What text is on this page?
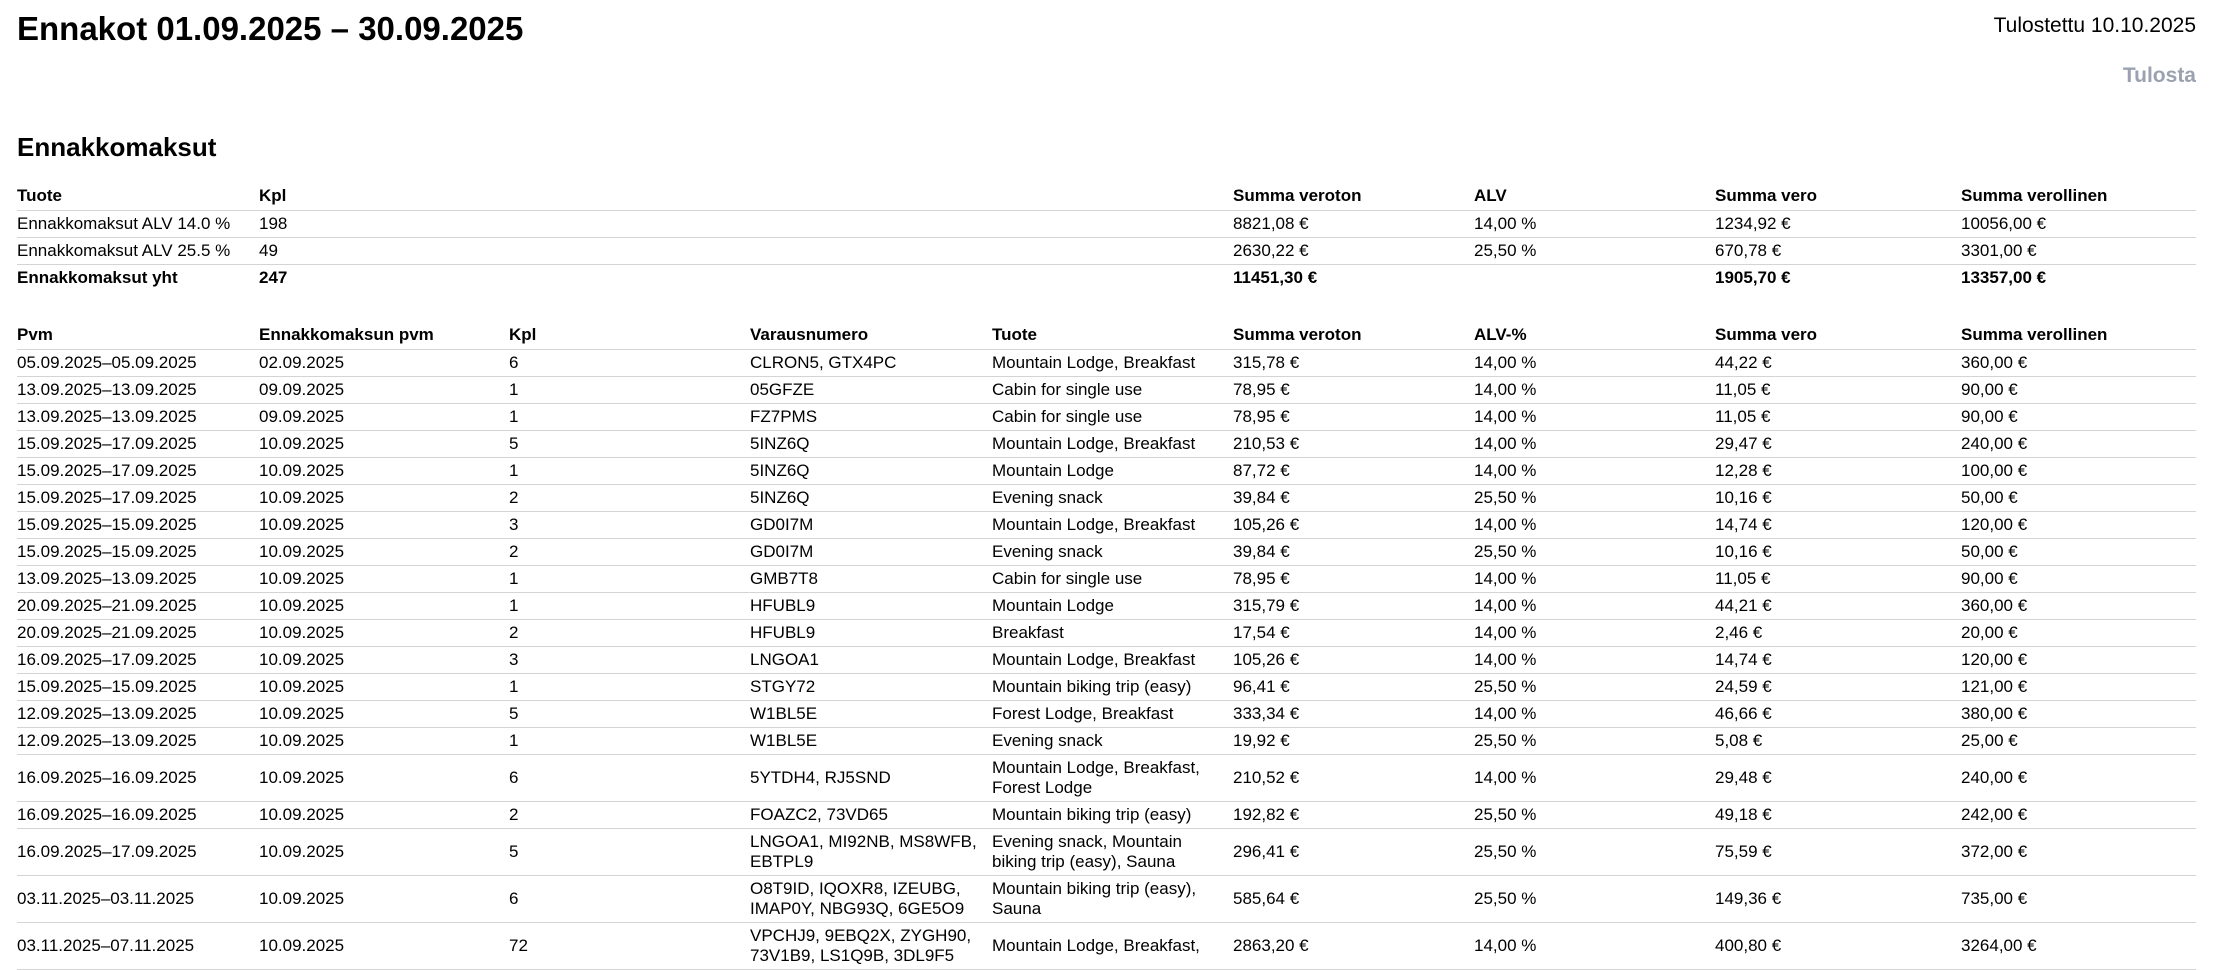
Ennakot 01.09.2025 – 30.09.2025	Tulostettu 10.10.2025
Tulosta
Ennakkomaksut
Tuote	Kpl	Summa veroton	ALV	Summa vero	Summa verollinen
Ennakkomaksut ALV 14.0 %	198	8821,08 €	14,00 %	1234,92 €	10056,00 €
Ennakkomaksut ALV 25.5 %	49	2630,22 €	25,50 %	670,78 €	3301,00 €
Ennakkomaksut yht	247	11451,30 €		1905,70 €	13357,00 €
Pvm	Ennakkomaksun pvm	Kpl	Varausnumero	Tuote	Summa veroton	ALV-%	Summa vero	Summa verollinen
05.09.2025–05.09.2025	02.09.2025	6	CLRON5, GTX4PC	Mountain Lodge, Breakfast	315,78 €	14,00 %	44,22 €	360,00 €
13.09.2025–13.09.2025	09.09.2025	1	05GFZE	Cabin for single use	78,95 €	14,00 %	11,05 €	90,00 €
13.09.2025–13.09.2025	09.09.2025	1	FZ7PMS	Cabin for single use	78,95 €	14,00 %	11,05 €	90,00 €
15.09.2025–17.09.2025	10.09.2025	5	5INZ6Q	Mountain Lodge, Breakfast	210,53 €	14,00 %	29,47 €	240,00 €
15.09.2025–17.09.2025	10.09.2025	1	5INZ6Q	Mountain Lodge	87,72 €	14,00 %	12,28 €	100,00 €
15.09.2025–17.09.2025	10.09.2025	2	5INZ6Q	Evening snack	39,84 €	25,50 %	10,16 €	50,00 €
15.09.2025–15.09.2025	10.09.2025	3	GD0I7M	Mountain Lodge, Breakfast	105,26 €	14,00 %	14,74 €	120,00 €
15.09.2025–15.09.2025	10.09.2025	2	GD0I7M	Evening snack	39,84 €	25,50 %	10,16 €	50,00 €
13.09.2025–13.09.2025	10.09.2025	1	GMB7T8	Cabin for single use	78,95 €	14,00 %	11,05 €	90,00 €
20.09.2025–21.09.2025	10.09.2025	1	HFUBL9	Mountain Lodge	315,79 €	14,00 %	44,21 €	360,00 €
20.09.2025–21.09.2025	10.09.2025	2	HFUBL9	Breakfast	17,54 €	14,00 %	2,46 €	20,00 €
16.09.2025–17.09.2025	10.09.2025	3	LNGOA1	Mountain Lodge, Breakfast	105,26 €	14,00 %	14,74 €	120,00 €
15.09.2025–15.09.2025	10.09.2025	1	STGY72	Mountain biking trip (easy)	96,41 €	25,50 %	24,59 €	121,00 €
12.09.2025–13.09.2025	10.09.2025	5	W1BL5E	Forest Lodge, Breakfast	333,34 €	14,00 %	46,66 €	380,00 €
12.09.2025–13.09.2025	10.09.2025	1	W1BL5E	Evening snack	19,92 €	25,50 %	5,08 €	25,00 €
16.09.2025–16.09.2025	10.09.2025	6	5YTDH4, RJ5SND	Mountain Lodge, Breakfast, Forest Lodge	210,52 €	14,00 %	29,48 €	240,00 €
16.09.2025–16.09.2025	10.09.2025	2	FOAZC2, 73VD65	Mountain biking trip (easy)	192,82 €	25,50 %	49,18 €	242,00 €
16.09.2025–17.09.2025	10.09.2025	5	LNGOA1, MI92NB, MS8WFB, EBTPL9	Evening snack, Mountain biking trip (easy), Sauna	296,41 €	25,50 %	75,59 €	372,00 €
03.11.2025–03.11.2025	10.09.2025	6	O8T9ID, IQOXR8, IZEUBG, IMAP0Y, NBG93Q, 6GE5O9	Mountain biking trip (easy), Sauna	585,64 €	25,50 %	149,36 €	735,00 €
03.11.2025–07.11.2025	10.09.2025	72	VPCHJ9, 9EBQ2X, ZYGH90, 73V1B9, LS1Q9B, 3DL9F5	Mountain Lodge, Breakfast,	2863,20 €	14,00 %	400,80 €	3264,00 €
